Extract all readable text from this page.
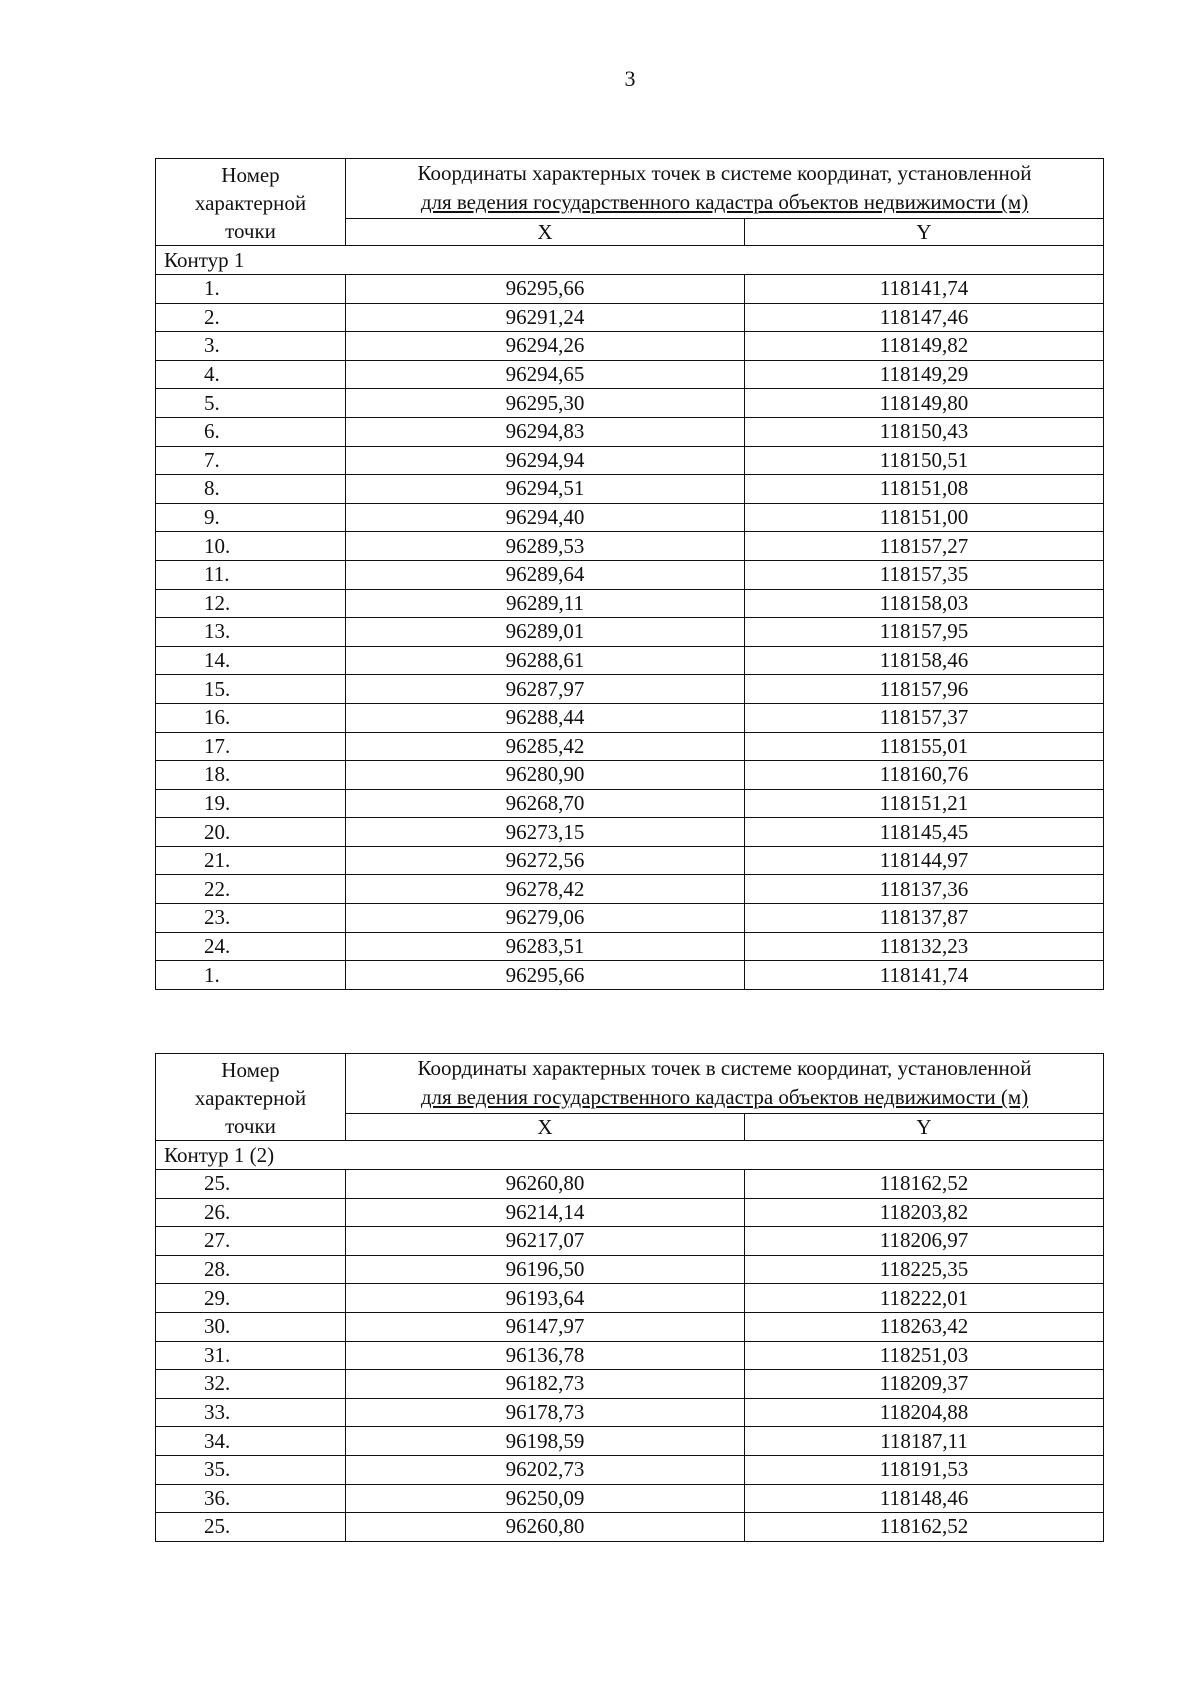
3
Номер
характерной
точки	Координаты характерных точек в системе координат, установленной
для ведения государственного кадастра объектов недвижимости (м)	

	X	Y
Контур 1		
1.	96295,66	118141,74
2.	96291,24	118147,46
3.	96294,26	118149,82
4.	96294,65	118149,29
5.	96295,30	118149,80
6.	96294,83	118150,43
7.	96294,94	118150,51
8.	96294,51	118151,08
9.	96294,40	118151,00
10.	96289,53	118157,27
11.	96289,64	118157,35
12.	96289,11	118158,03
13.	96289,01	118157,95
14.	96288,61	118158,46
15.	96287,97	118157,96
16.	96288,44	118157,37
17.	96285,42	118155,01
18.	96280,90	118160,76
19.	96268,70	118151,21
20.	96273,15	118145,45
21.	96272,56	118144,97
22.	96278,42	118137,36
23.	96279,06	118137,87
24.	96283,51	118132,23
1.	96295,66	118141,74
Номер
характерной
точки	Координаты характерных точек в системе координат, установленной
для ведения государственного кадастра объектов недвижимости (м)	

	X	Y
Контур 1 (2)		
25.	96260,80	118162,52
26.	96214,14	118203,82
27.	96217,07	118206,97
28.	96196,50	118225,35
29.	96193,64	118222,01
30.	96147,97	118263,42
31.	96136,78	118251,03
32.	96182,73	118209,37
33.	96178,73	118204,88
34.	96198,59	118187,11
35.	96202,73	118191,53
36.	96250,09	118148,46
25.	96260,80	118162,52
